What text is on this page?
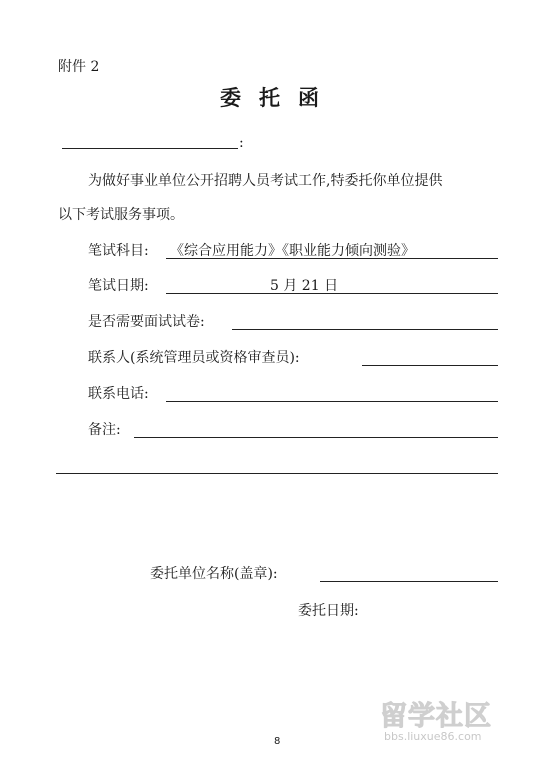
附件 2
委托函
:
为做好事业单位公开招聘人员考试工作,特委托你单位提供
以下考试服务事项。
笔试科目: 《综合应用能力》《职业能力倾向测验》
笔试日期:	5 月 21 日
是否需要面试试卷:
联系人(系统管理员或资格审查员):
联系电话:
备注:
委托单位名称(盖章):
委托日期:
8
留学社区
bbs.liuxue86.com
